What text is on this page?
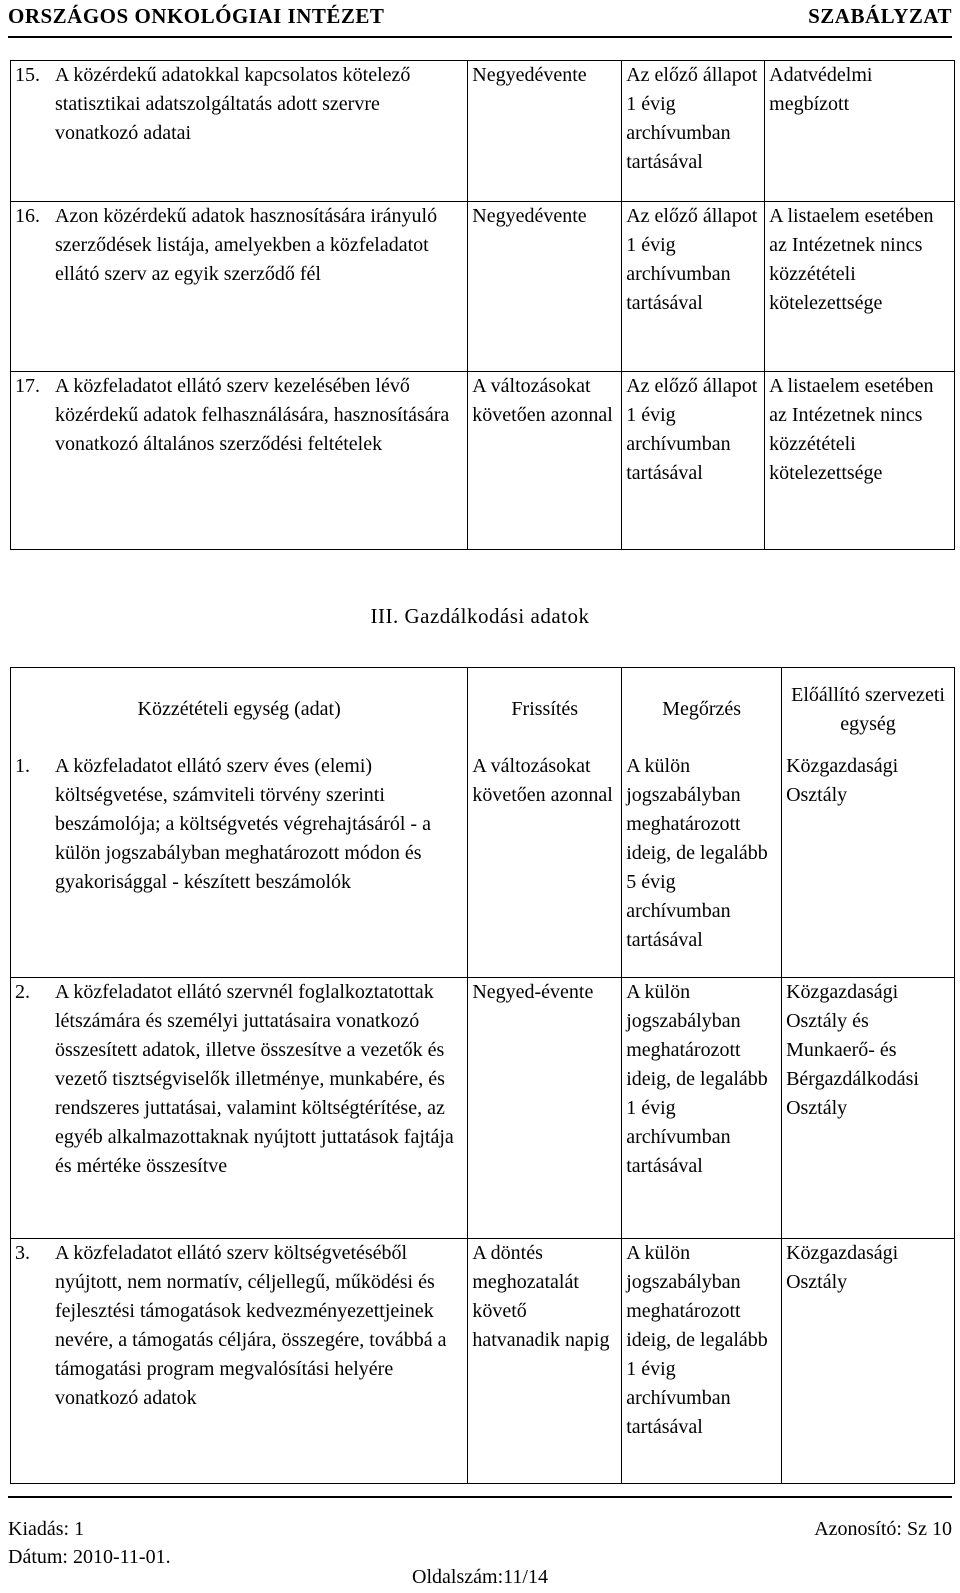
ORSZÁGOS ONKOLÓGIAI INTÉZET	SZABÁLYZAT
15. A közérdekű adatokkal kapcsolatos kötelező statisztikai adatszolgáltatás adott szervre vonatkozó adatai	Negyedévente	Az előző állapot 1 évig archívumban tartásával	Adatvédelmi megbízott

16. Azon közérdekű adatok hasznosítására irányuló szerződések listája, amelyekben a közfeladatot ellátó szerv az egyik szerződő fél	Negyedévente	Az előző állapot 1 évig archívumban tartásával	A listaelem esetében az Intézetnek nincs közzétételi kötelezettsége

17. A közfeladatot ellátó szerv kezelésében lévő közérdekű adatok felhasználására, hasznosítására vonatkozó általános szerződési feltételek	A változásokat követően azonnal	Az előző állapot 1 évig archívumban tartásával	A listaelem esetében az Intézetnek nincs közzétételi kötelezettsége
III. Gazdálkodási adatok
Közzétételi egység (adat)	Frissítés	Megőrzés	Előállító szervezeti egység

1. A közfeladatot ellátó szerv éves (elemi) költségvetése, számviteli törvény szerinti beszámolója; a költségvetés végrehajtásáról - a külön jogszabályban meghatározott módon és gyakorisággal - készített beszámolók	A változásokat követően azonnal	A külön jogszabályban meghatározott ideig, de legalább 5 évig archívumban tartásával	Közgazdasági Osztály

2. A közfeladatot ellátó szervnél foglalkoztatottak létszámára és személyi juttatásaira vonatkozó összesített adatok, illetve összesítve a vezetők és vezető tisztségviselők illetménye, munkabére, és rendszeres juttatásai, valamint költségtérítése, az egyéb alkalmazottaknak nyújtott juttatások fajtája és mértéke összesítve	Negyed-évente	A külön jogszabályban meghatározott ideig, de legalább 1 évig archívumban tartásával	Közgazdasági Osztály és Munkaerő- és Bérgazdálkodási Osztály

3. A közfeladatot ellátó szerv költségvetéséből nyújtott, nem normatív, céljellegű, működési és fejlesztési támogatások kedvezményezettjeinek nevére, a támogatás céljára, összegére, továbbá a támogatási program megvalósítási helyére vonatkozó adatok	A döntés meghozatalát követő hatvanadik napig	A külön jogszabályban meghatározott ideig, de legalább 1 évig archívumban tartásával	Közgazdasági Osztály
Kiadás: 1	Azonosító: Sz 10
Dátum: 2010-11-01.
Oldalszám:11/14
